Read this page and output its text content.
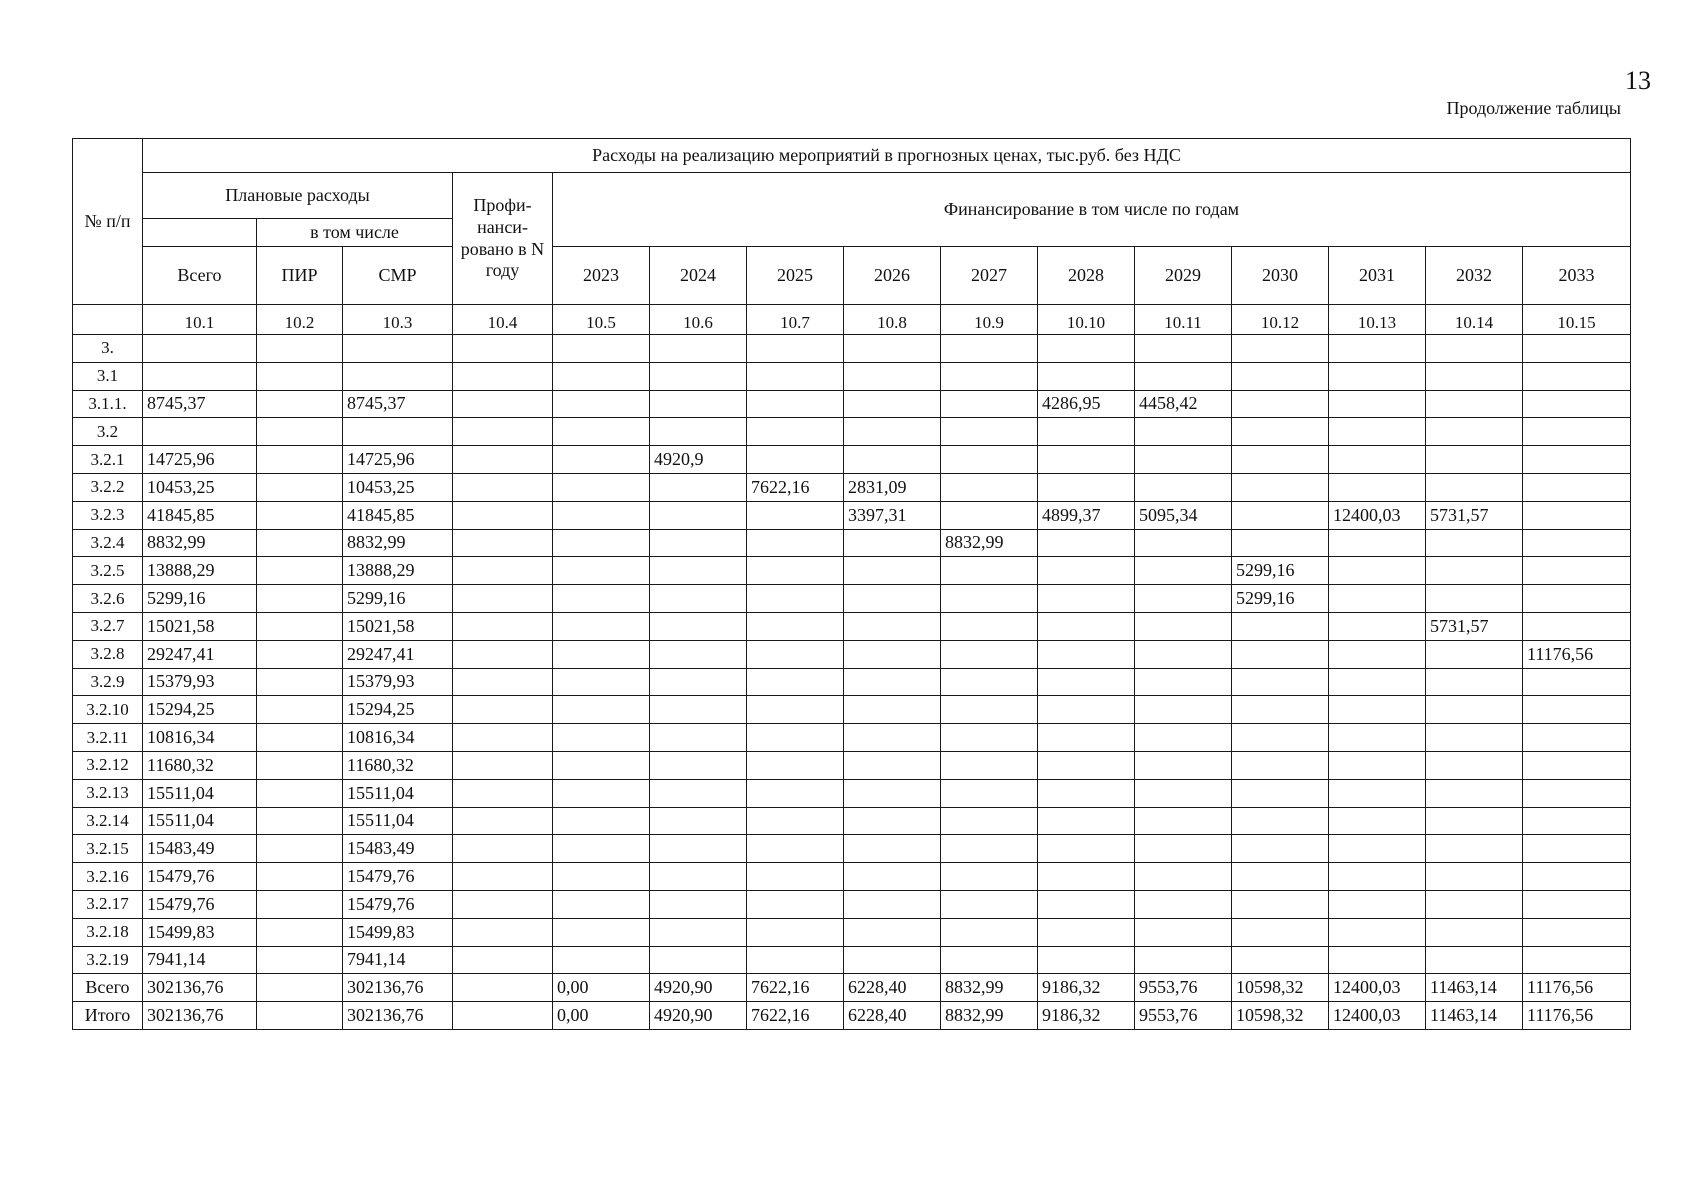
13
Продолжение таблицы
№ п/п	Расходы на реализацию мероприятий в прогнозных ценах, тыс.руб. без НДС														
	Плановые расходы			Профи- нанси- ровано в N году	Финансирование в том числе по годам										
		в том числе													
	Всего	ПИР	СМР		2023	2024	2025	2026	2027	2028	2029	2030	2031	2032	2033
	10.1	10.2	10.3	10.4	10.5	10.6	10.7	10.8	10.9	10.10	10.11	10.12	10.13	10.14	10.15
3.															
3.1															
3.1.1.	8745,37		8745,37							4286,95	4458,42				
3.2															
3.2.1	14725,96		14725,96			4920,9									
3.2.2	10453,25		10453,25				7622,16	2831,09							
3.2.3	41845,85		41845,85					3397,31		4899,37	5095,34		12400,03	5731,57	
3.2.4	8832,99		8832,99						8832,99						
3.2.5	13888,29		13888,29									5299,16			
3.2.6	5299,16		5299,16									5299,16			
3.2.7	15021,58		15021,58											5731,57	
3.2.8	29247,41		29247,41												11176,56
3.2.9	15379,93		15379,93												
3.2.10	15294,25		15294,25												
3.2.11	10816,34		10816,34												
3.2.12	11680,32		11680,32												
3.2.13	15511,04		15511,04												
3.2.14	15511,04		15511,04												
3.2.15	15483,49		15483,49												
3.2.16	15479,76		15479,76												
3.2.17	15479,76		15479,76												
3.2.18	15499,83		15499,83												
3.2.19	7941,14		7941,14												
Всего	302136,76		302136,76		0,00	4920,90	7622,16	6228,40	8832,99	9186,32	9553,76	10598,32	12400,03	11463,14	11176,56
Итого	302136,76		302136,76		0,00	4920,90	7622,16	6228,40	8832,99	9186,32	9553,76	10598,32	12400,03	11463,14	11176,56
